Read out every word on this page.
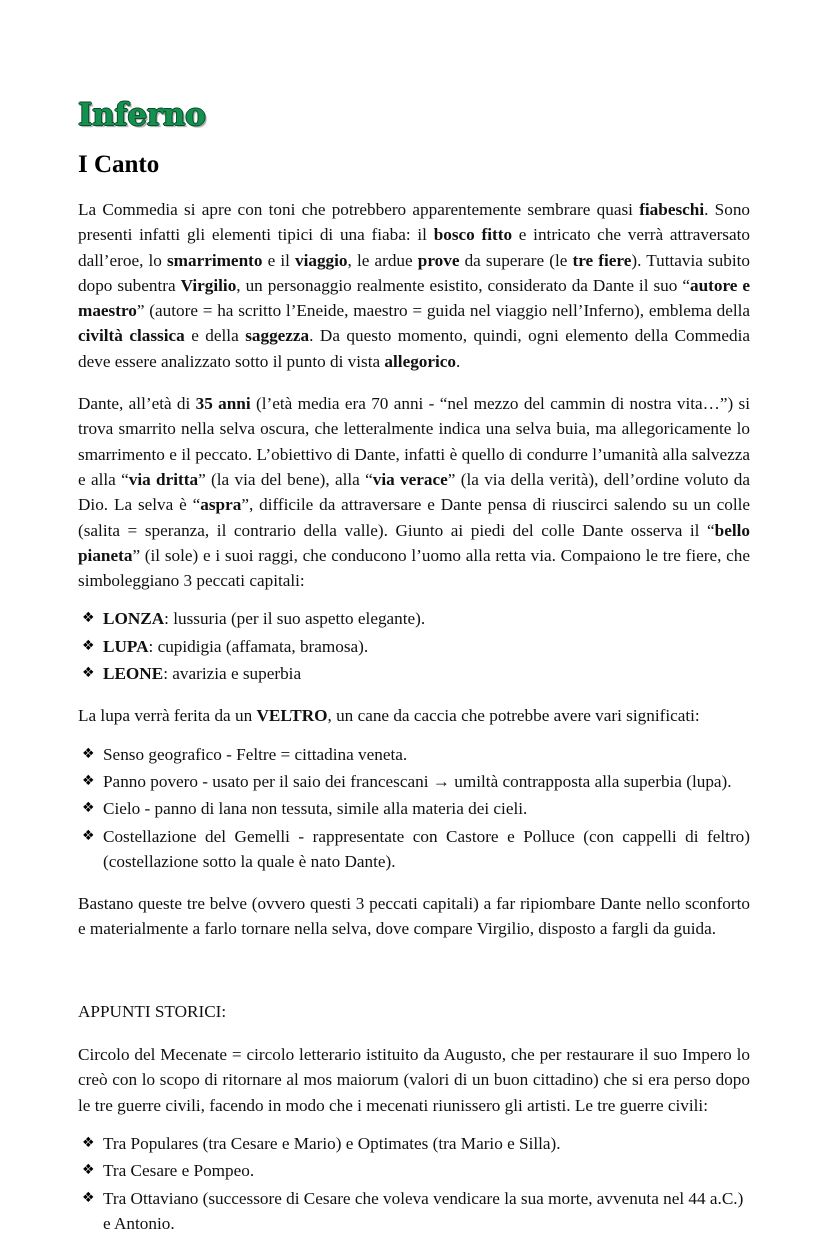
Inferno
I Canto

La Commedia si apre con toni che potrebbero apparentemente sembrare quasi fiabeschi. Sono presenti infatti gli elementi tipici di una fiaba: il bosco fitto e intricato che verrà attraversato dall’eroe, lo smarrimento e il viaggio, le ardue prove da superare (le tre fiere). Tuttavia subito dopo subentra Virgilio, un personaggio realmente esistito, considerato da Dante il suo “autore e maestro” (autore = ha scritto l’Eneide, maestro = guida nel viaggio nell’Inferno), emblema della civiltà classica e della saggezza. Da questo momento, quindi, ogni elemento della Commedia deve essere analizzato sotto il punto di vista allegorico.

Dante, all’età di 35 anni (l’età media era 70 anni - “nel mezzo del cammin di nostra vita…”) si trova smarrito nella selva oscura, che letteralmente indica una selva buia, ma allegoricamente lo smarrimento e il peccato. L’obiettivo di Dante, infatti è quello di condurre l’umanità alla salvezza e alla “via dritta” (la via del bene), alla “via verace” (la via della verità), dell’ordine voluto da Dio. La selva è “aspra”, difficile da attraversare e Dante pensa di riuscirci salendo su un colle (salita = speranza, il contrario della valle). Giunto ai piedi del colle Dante osserva il “bello pianeta” (il sole) e i suoi raggi, che conducono l’uomo alla retta via. Compaiono le tre fiere, che simboleggiano 3 peccati capitali:

❖ LONZA: lussuria (per il suo aspetto elegante).
❖ LUPA: cupidigia (affamata, bramosa).
❖ LEONE: avarizia e superbia

La lupa verrà ferita da un VELTRO, un cane da caccia che potrebbe avere vari significati:

❖ Senso geografico - Feltre = cittadina veneta.
❖ Panno povero - usato per il saio dei francescani → umiltà contrapposta alla superbia (lupa).
❖ Cielo - panno di lana non tessuta, simile alla materia dei cieli.
❖ Costellazione del Gemelli - rappresentate con Castore e Polluce (con cappelli di feltro) (costellazione sotto la quale è nato Dante).

Bastano queste tre belve (ovvero questi 3 peccati capitali) a far ripiombare Dante nello sconforto e materialmente a farlo tornare nella selva, dove compare Virgilio, disposto a fargli da guida.

APPUNTI STORICI:

Circolo del Mecenate = circolo letterario istituito da Augusto, che per restaurare il suo Impero lo creò con lo scopo di ritornare al mos maiorum (valori di un buon cittadino) che si era perso dopo le tre guerre civili, facendo in modo che i mecenati riunissero gli artisti. Le tre guerre civili:

❖ Tra Populares (tra Cesare e Mario) e Optimates (tra Mario e Silla).
❖ Tra Cesare e Pompeo.
❖ Tra Ottaviano (successore di Cesare che voleva vendicare la sua morte, avvenuta nel 44 a.C.) e Antonio.
